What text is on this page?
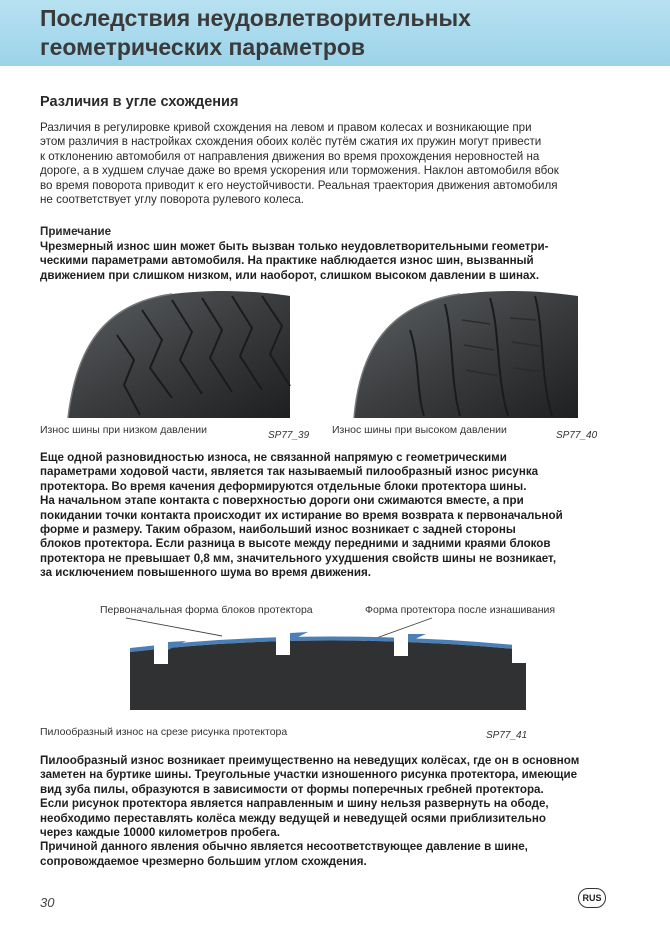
Последствия неудовлетворительных
геометрических параметров
Различия в угле схождения

Различия в регулировке кривой схождения на левом и правом колесах и возникающие при
этом различия в настройках схождения обоих колёс путём сжатия их пружин могут привести
к отклонению автомобиля от направления движения во время прохождения неровностей на
дороге, а в худшем случае даже во время ускорения или торможения. Наклон автомобиля вбок
во время поворота приводит к его неустойчивости. Реальная траектория движения автомобиля
не соответствует углу поворота рулевого колеса.

Примечание

Чрезмерный износ шин может быть вызван только неудовлетворительными геометри-
ческими параметрами автомобиля. На практике наблюдается износ шин, вызванный
движением при слишком низком, или наоборот, слишком высоком давлении в шинах.

Износ шины при низком давлении	SP77_39 Износ шины при высоком давлении	SP77_40

Еще одной разновидностью износа, не связанной напрямую с геометрическими
параметрами ходовой части, является так называемый пилообразный износ рисунка
протектора. Во время качения деформируются отдельные блоки протектора шины.
На начальном этапе контакта с поверхностью дороги они сжимаются вместе, а при
покидании точки контакта происходит их истирание во время возврата к первоначальной
форме и размеру. Таким образом, наибольший износ возникает с задней стороны
блоков протектора. Если разница в высоте между передними и задними краями блоков
протектора не превышает 0,8 мм, значительного ухудшения свойств шины не возникает,
за исключением повышенного шума во время движения.

Первоначальная форма блоков протектора	Форма протектора после изнашивания
Пилообразный износ на срезе рисунка протектора	SP77_41

Пилообразный износ возникает преимущественно на неведущих колёсах, где он в основном
заметен на буртике шины. Треугольные участки изношенного рисунка протектора, имеющие
вид зуба пилы, образуются в зависимости от формы поперечных гребней протектора.
Если рисунок протектора является направленным и шину нельзя развернуть на ободе,
необходимо переставлять колёса между ведущей и неведущей осями приблизительно
через каждые 10000 километров пробега.
Причиной данного явления обычно является несоответствующее давление в шине,
сопровождаемое чрезмерно большим углом схождения.

30	RUS
